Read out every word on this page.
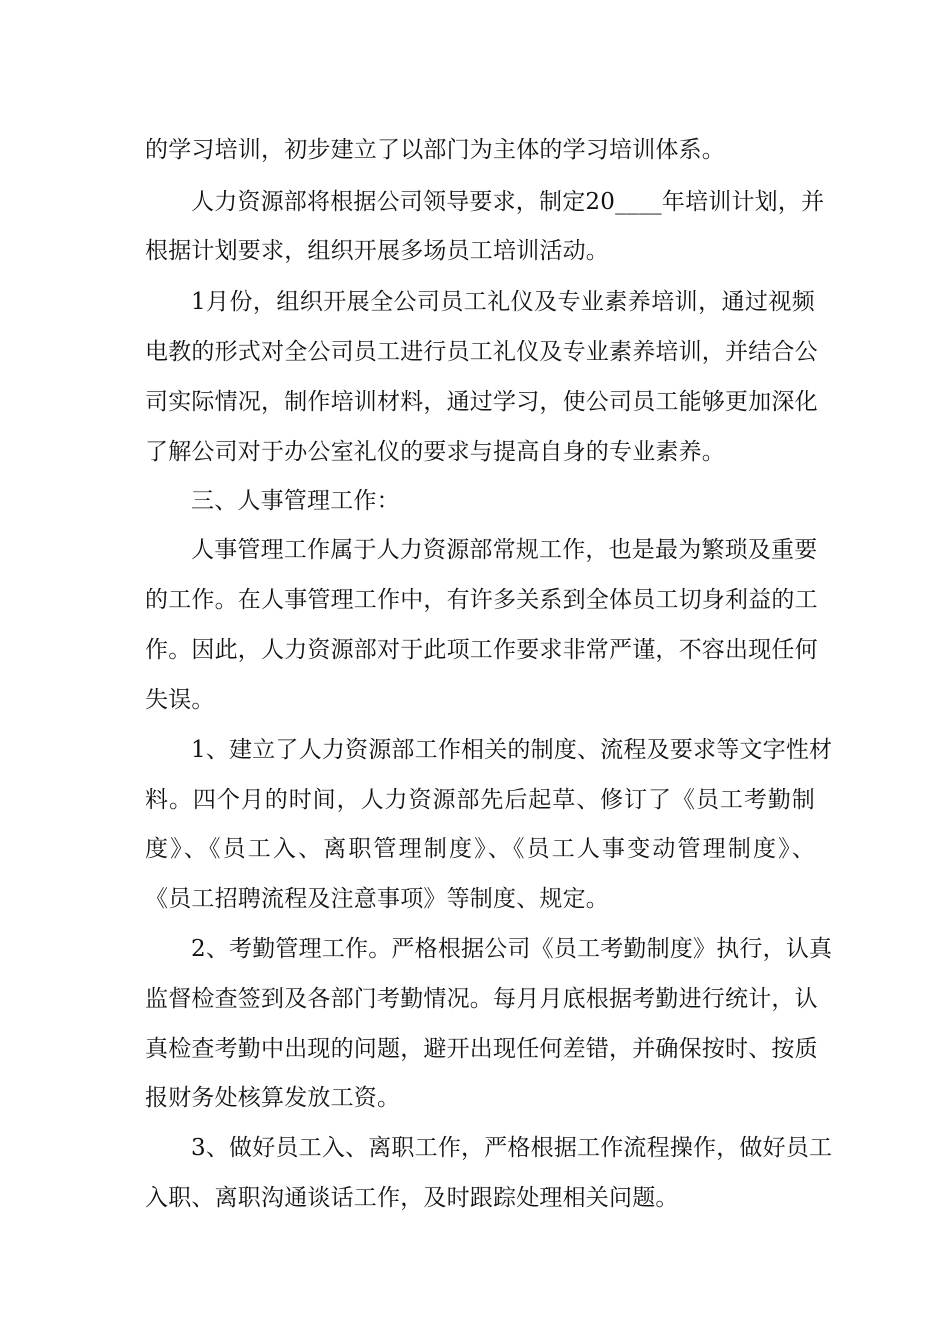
的学习培训，初步建立了以部门为主体的学习培训体系。
人力资源部将根据公司领导要求，制定20____年培训计划，并
根据计划要求，组织开展多场员工培训活动。
1月份，组织开展全公司员工礼仪及专业素养培训，通过视频
电教的形式对全公司员工进行员工礼仪及专业素养培训，并结合公
司实际情况，制作培训材料，通过学习，使公司员工能够更加深化
了解公司对于办公室礼仪的要求与提高自身的专业素养。
三、人事管理工作：
人事管理工作属于人力资源部常规工作，也是最为繁琐及重要
的工作。在人事管理工作中，有许多关系到全体员工切身利益的工
作。因此，人力资源部对于此项工作要求非常严谨，不容出现任何
失误。
1、建立了人力资源部工作相关的制度、流程及要求等文字性材
料。四个月的时间，人力资源部先后起草、修订了《员工考勤制
度》、《员工入、离职管理制度》、《员工人事变动管理制度》、
《员工招聘流程及注意事项》等制度、规定。
2、考勤管理工作。严格根据公司《员工考勤制度》执行，认真
监督检查签到及各部门考勤情况。每月月底根据考勤进行统计，认
真检查考勤中出现的问题，避开出现任何差错，并确保按时、按质
报财务处核算发放工资。
3、做好员工入、离职工作，严格根据工作流程操作，做好员工
入职、离职沟通谈话工作，及时跟踪处理相关问题。
